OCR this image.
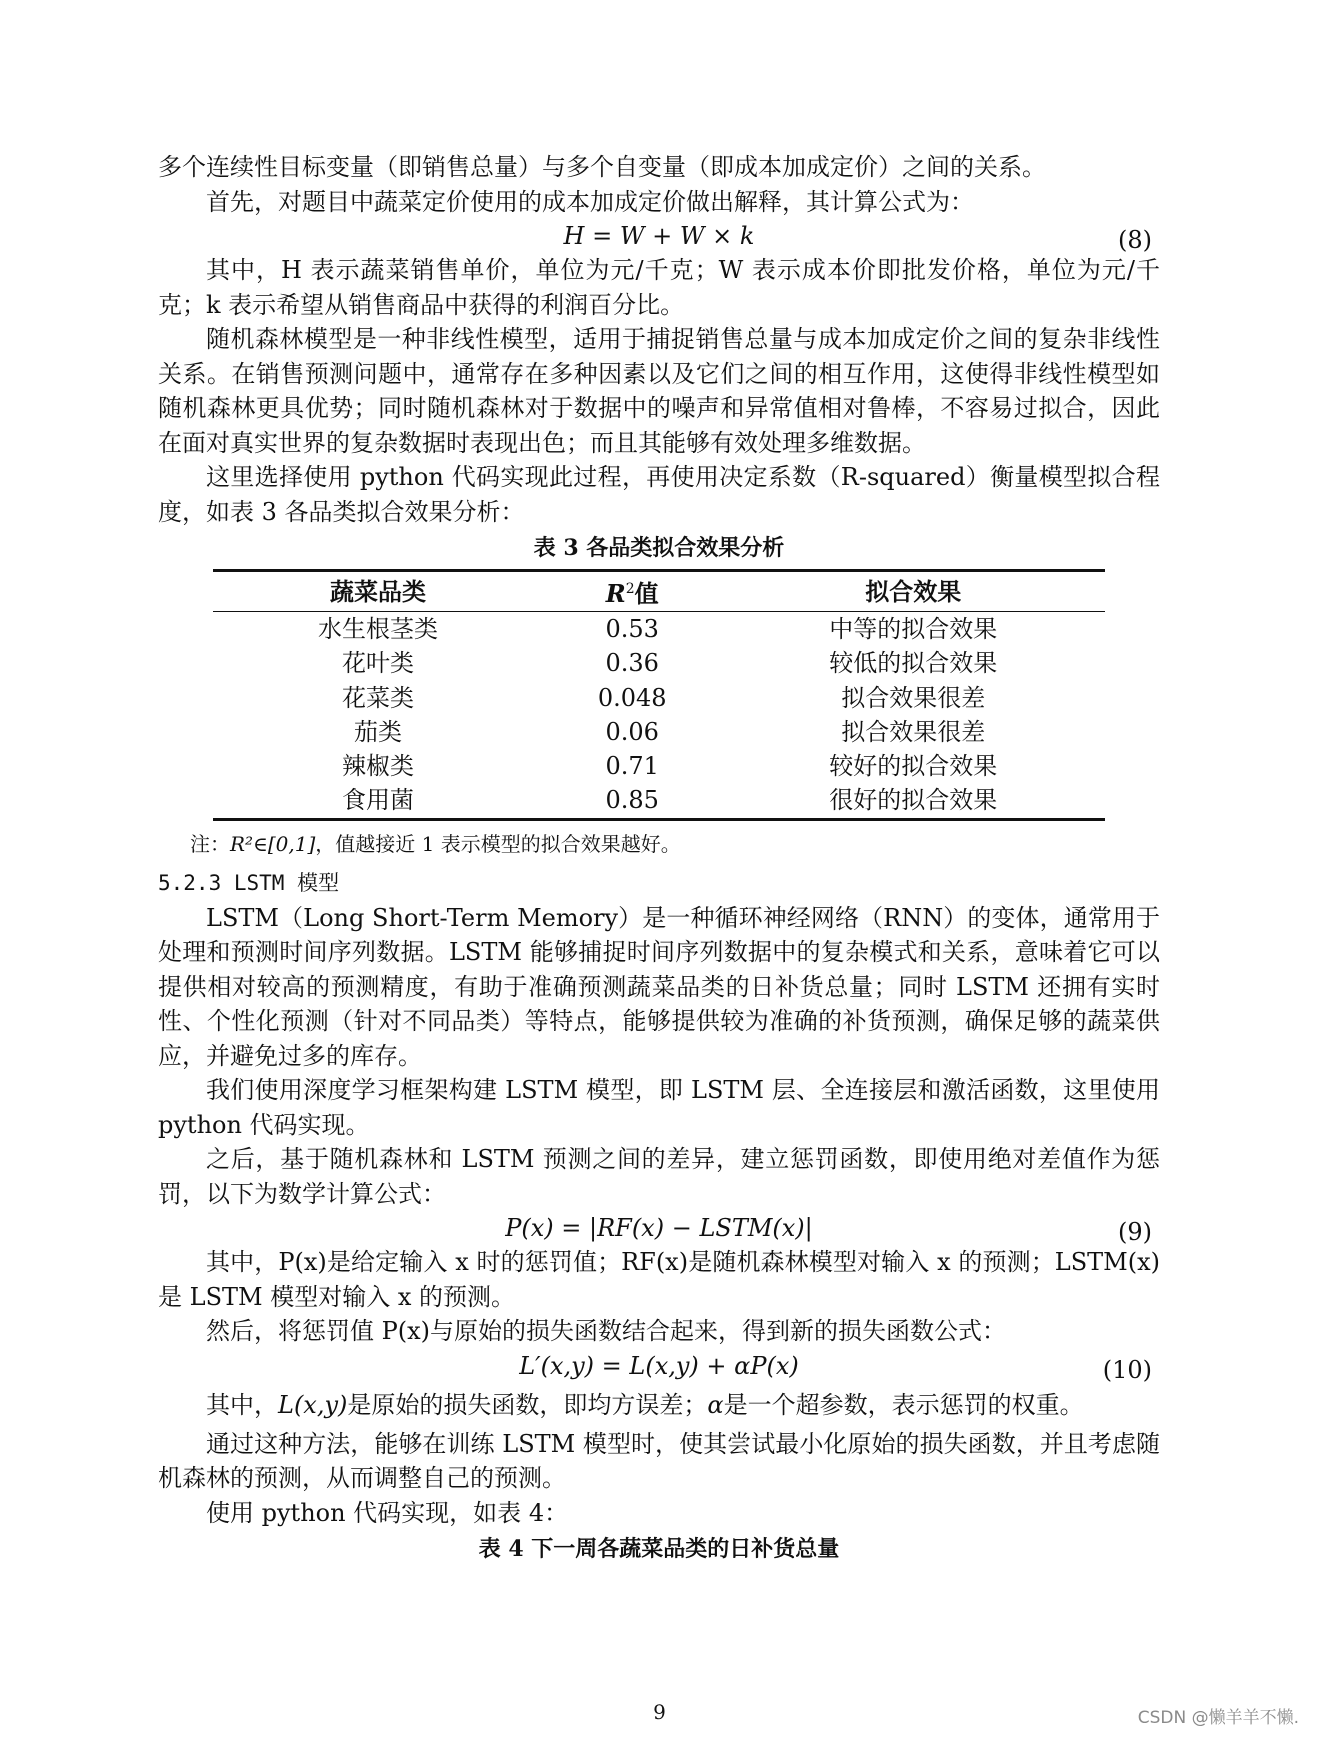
多个连续性目标变量（即销售总量）与多个自变量（即成本加成定价）之间的关系。

首先，对题目中蔬菜定价使用的成本加成定价做出解释，其计算公式为：

H = W + W × k	(8)

其中，H 表示蔬菜销售单价，单位为元/千克；W 表示成本价即批发价格，单位为元/千克；k 表示希望从销售商品中获得的利润百分比。

随机森林模型是一种非线性模型，适用于捕捉销售总量与成本加成定价之间的复杂非线性关系。在销售预测问题中，通常存在多种因素以及它们之间的相互作用，这使得非线性模型如随机森林更具优势；同时随机森林对于数据中的噪声和异常值相对鲁棒，不容易过拟合，因此在面对真实世界的复杂数据时表现出色；而且其能够有效处理多维数据。

这里选择使用 python 代码实现此过程，再使用决定系数（R-squared）衡量模型拟合程度，如表 3 各品类拟合效果分析：

表 3 各品类拟合效果分析
蔬菜品类	$R^2$值	拟合效果
水生根茎类	0.53	中等的拟合效果
花叶类	0.36	较低的拟合效果
花菜类	0.048	拟合效果很差
茄类	0.06	拟合效果很差
辣椒类	0.71	较好的拟合效果
食用菌	0.85	很好的拟合效果
注：R²∈[0,1]，值越接近 1 表示模型的拟合效果越好。
5.2.3 LSTM 模型

LSTM（Long Short-Term Memory）是一种循环神经网络（RNN）的变体，通常用于处理和预测时间序列数据。LSTM 能够捕捉时间序列数据中的复杂模式和关系，意味着它可以提供相对较高的预测精度，有助于准确预测蔬菜品类的日补货总量；同时 LSTM 还拥有实时性、个性化预测（针对不同品类）等特点，能够提供较为准确的补货预测，确保足够的蔬菜供应，并避免过多的库存。

我们使用深度学习框架构建 LSTM 模型，即 LSTM 层、全连接层和激活函数，这里使用 python 代码实现。

之后，基于随机森林和 LSTM 预测之间的差异，建立惩罚函数，即使用绝对差值作为惩罚，以下为数学计算公式：

P(x) = |RF(x) − LSTM(x)|	(9)

其中，P(x)是给定输入 x 时的惩罚值；RF(x)是随机森林模型对输入 x 的预测；LSTM(x)是 LSTM 模型对输入 x 的预测。

然后，将惩罚值 P(x)与原始的损失函数结合起来，得到新的损失函数公式：

L′(x,y) = L(x,y) + αP(x)	(10)

其中，L(x,y)是原始的损失函数，即均方误差；α是一个超参数，表示惩罚的权重。

通过这种方法，能够在训练 LSTM 模型时，使其尝试最小化原始的损失函数，并且考虑随机森林的预测，从而调整自己的预测。

使用 python 代码实现，如表 4：

表 4 下一周各蔬菜品类的日补货总量
9	CSDN @懒羊羊不懒.
